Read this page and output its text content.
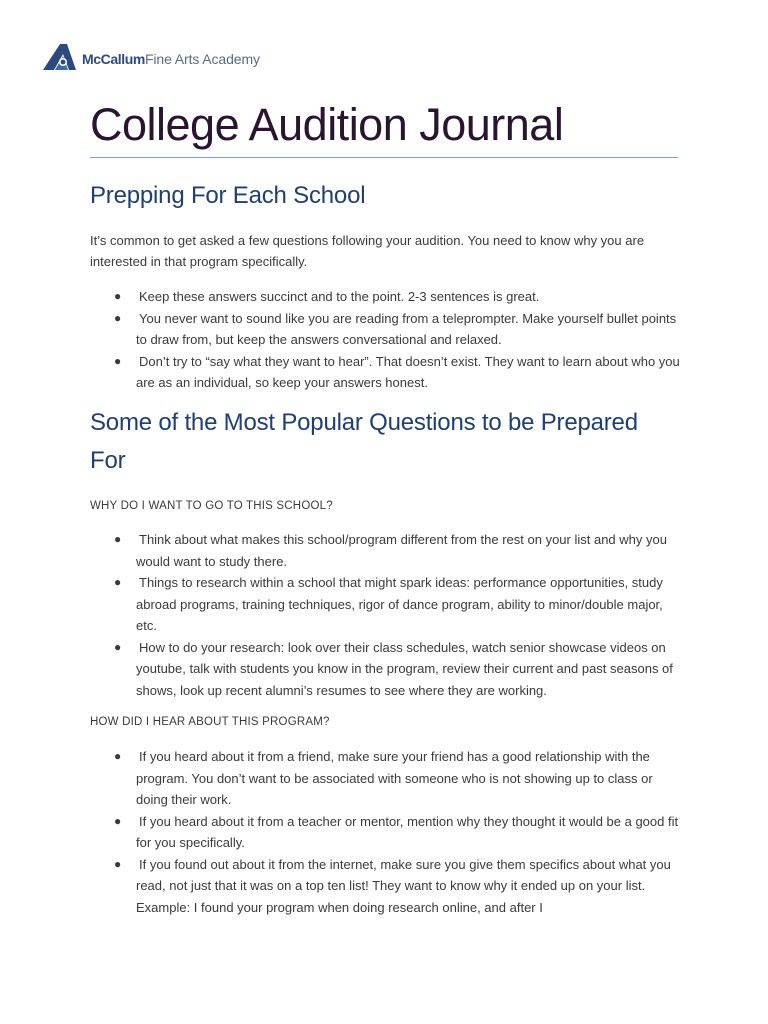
McCallumFine Arts Academy
College Audition Journal
Prepping For Each School

It’s common to get asked a few questions following your audition. You need to know why you are interested in that program specifically.

● Keep these answers succinct and to the point. 2-3 sentences is great.
● You never want to sound like you are reading from a teleprompter. Make yourself bullet points to draw from, but keep the answers conversational and relaxed.
● Don’t try to “say what they want to hear”. That doesn’t exist. They want to learn about who you are as an individual, so keep your answers honest.
Some of the Most Popular Questions to be Prepared For

WHY DO I WANT TO GO TO THIS SCHOOL?

● Think about what makes this school/program different from the rest on your list and why you would want to study there.
● Things to research within a school that might spark ideas: performance opportunities, study abroad programs, training techniques, rigor of dance program, ability to minor/double major, etc.
● How to do your research: look over their class schedules, watch senior showcase videos on youtube, talk with students you know in the program, review their current and past seasons of shows, look up recent alumni’s resumes to see where they are working.

HOW DID I HEAR ABOUT THIS PROGRAM?

● If you heard about it from a friend, make sure your friend has a good relationship with the program. You don’t want to be associated with someone who is not showing up to class or doing their work.
● If you heard about it from a teacher or mentor, mention why they thought it would be a good fit for you specifically.
● If you found out about it from the internet, make sure you give them specifics about what you read, not just that it was on a top ten list! They want to know why it ended up on your list. Example: I found your program when doing research online, and after I
